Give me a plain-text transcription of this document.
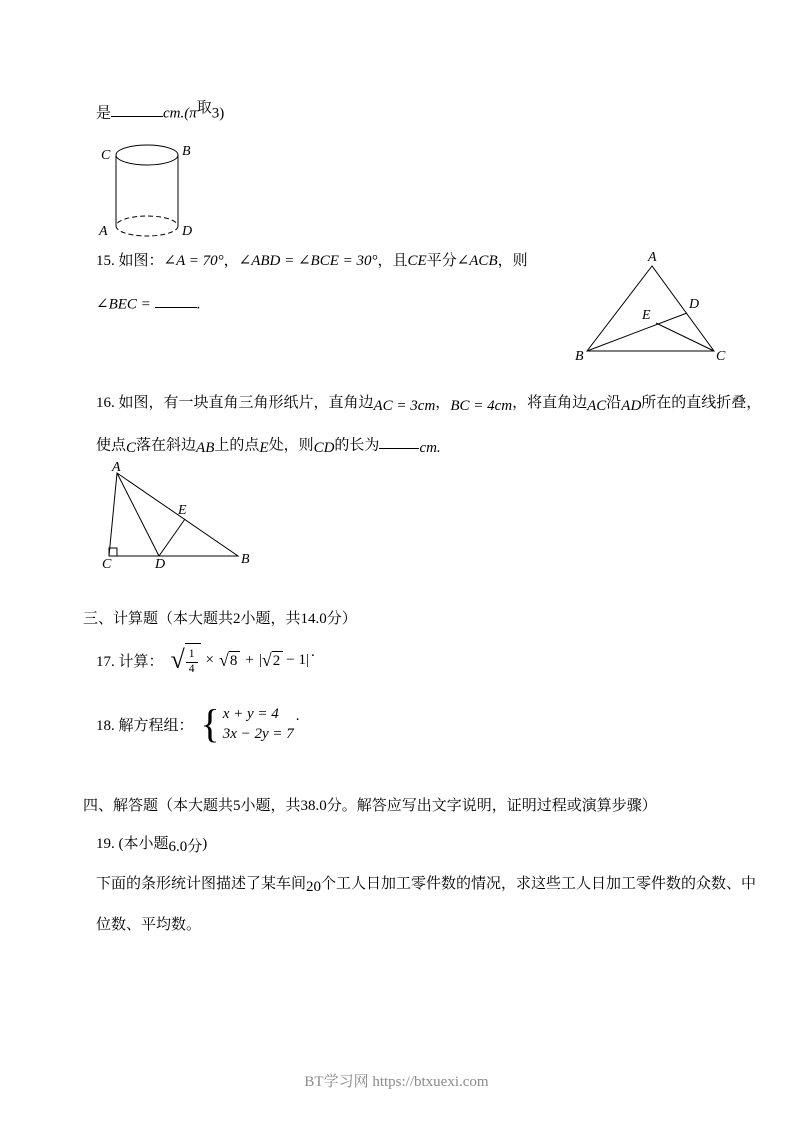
是	cm.(π取3)
C	B
A	D
15. 如图：∠A = 70°，∠ABD = ∠BCE = 30°，且CE平分∠ACB，则
∠BEC =	.
A
B	C
D
E
16. 如图，有一块直角三角形纸片，直角边AC = 3cm，BC = 4cm，将直角边AC沿AD所在的直线折叠，
使点C落在斜边AB上的点E处，则CD的长为	cm.
A
C	D	B
E
三、计算题（本大题共2小题，共14.0分）
17. 计算： √ $\frac{1}{4}$ × √ 8 + | √ 2 − 1 | .
18. 解方程组： { x + y = 4
3x − 2y = 7
.
四、解答题（本大题共5小题，共38.0分。解答应写出文字说明，证明过程或演算步骤）
19. (本小题6.0分)
下面的条形统计图描述了某车间20个工人日加工零件数的情况，求这些工人日加工零件数的众数、中
位数、平均数。
BT学习网 https://btxuexi.com
